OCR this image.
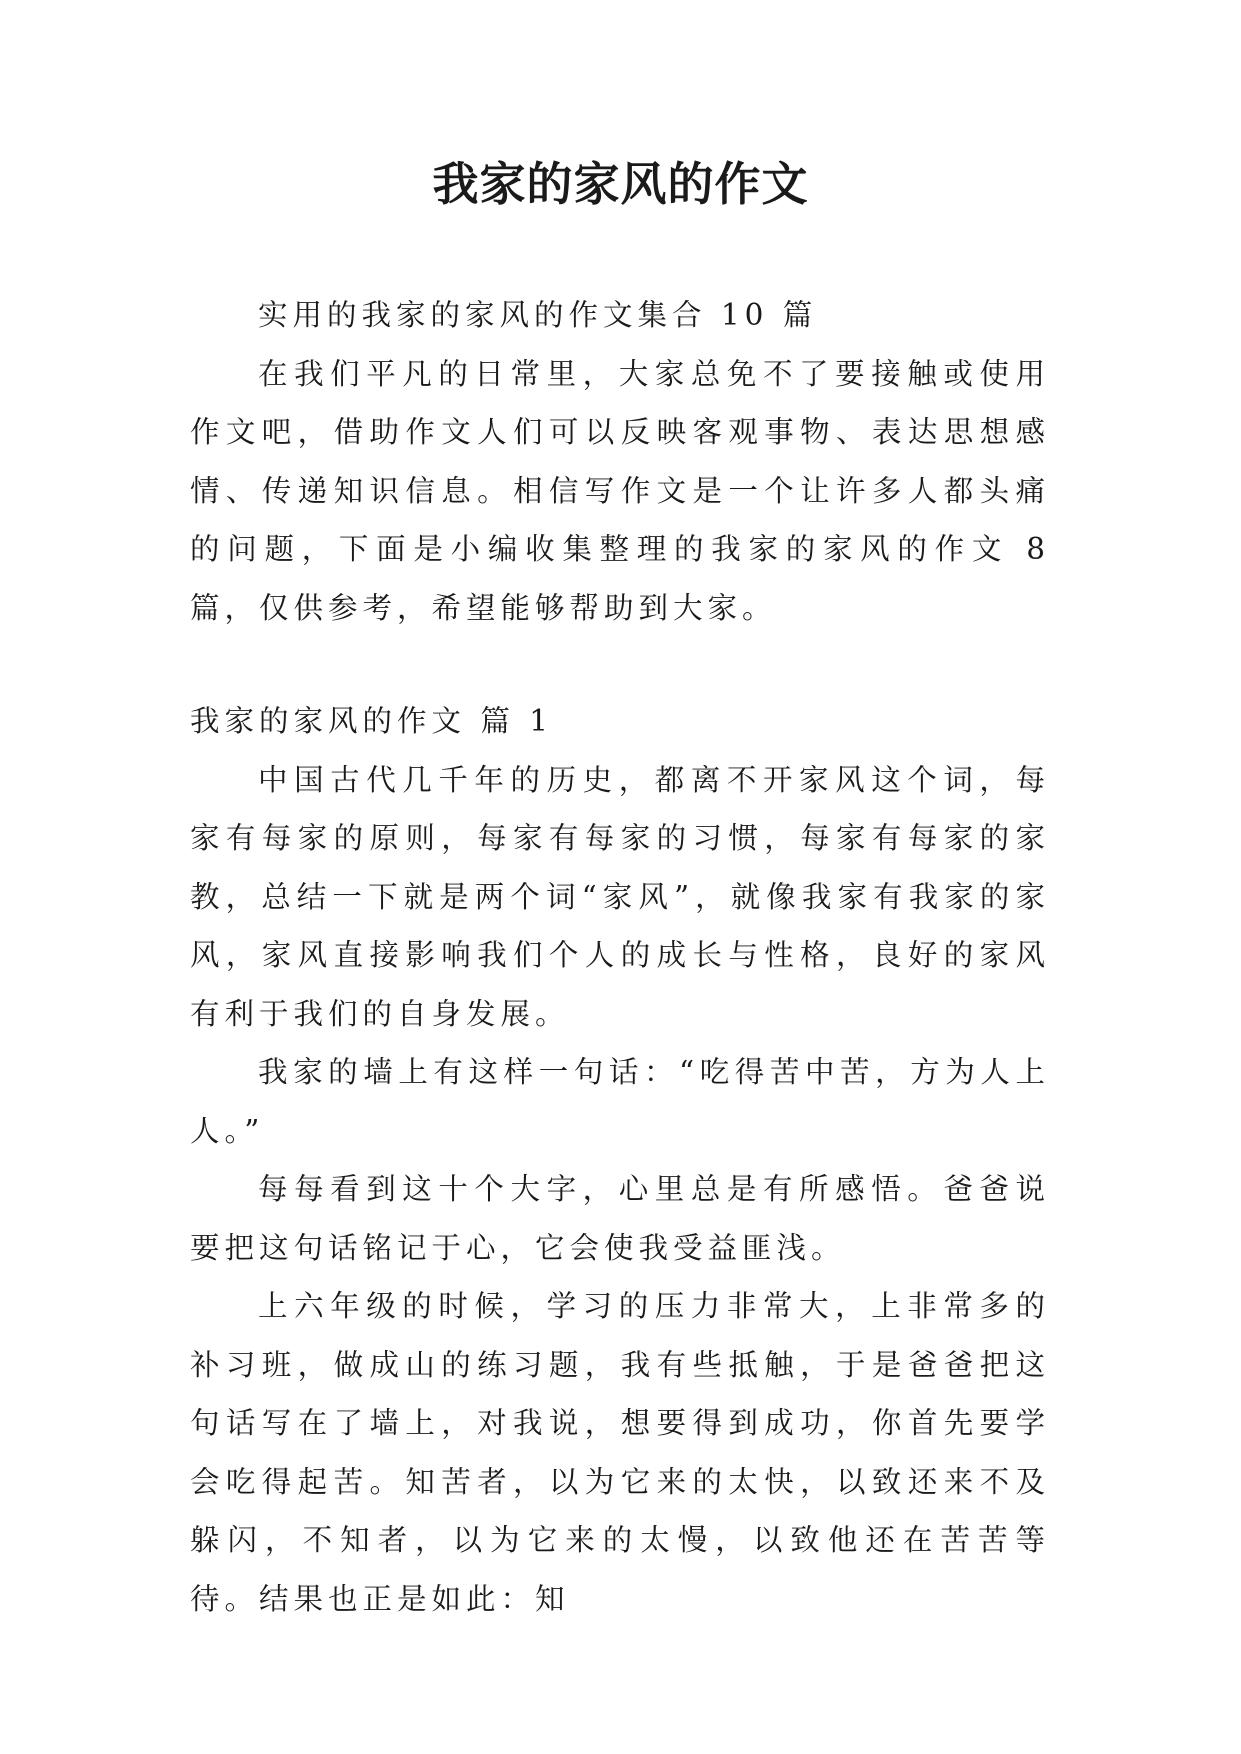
我家的家风的作文

实用的我家的家风的作文集合 10 篇

在我们平凡的日常里，大家总免不了要接触或使用作文吧，借助作文人们可以反映客观事物、表达思想感情、传递知识信息。相信写作文是一个让许多人都头痛的问题，下面是小编收集整理的我家的家风的作文 8 篇，仅供参考，希望能够帮助到大家。

我家的家风的作文 篇 1

中国古代几千年的历史，都离不开家风这个词，每家有每家的原则，每家有每家的习惯，每家有每家的家教，总结一下就是两个词“家风”，就像我家有我家的家风，家风直接影响我们个人的成长与性格，良好的家风有利于我们的自身发展。

我家的墙上有这样一句话：“吃得苦中苦，方为人上人。”

每每看到这十个大字，心里总是有所感悟。爸爸说要把这句话铭记于心，它会使我受益匪浅。

上六年级的时候，学习的压力非常大，上非常多的补习班，做成山的练习题，我有些抵触，于是爸爸把这句话写在了墙上，对我说，想要得到成功，你首先要学会吃得起苦。知苦者，以为它来的太快，以致还来不及躲闪，不知者，以为它来的太慢，以致他还在苦苦等待。结果也正是如此：知
